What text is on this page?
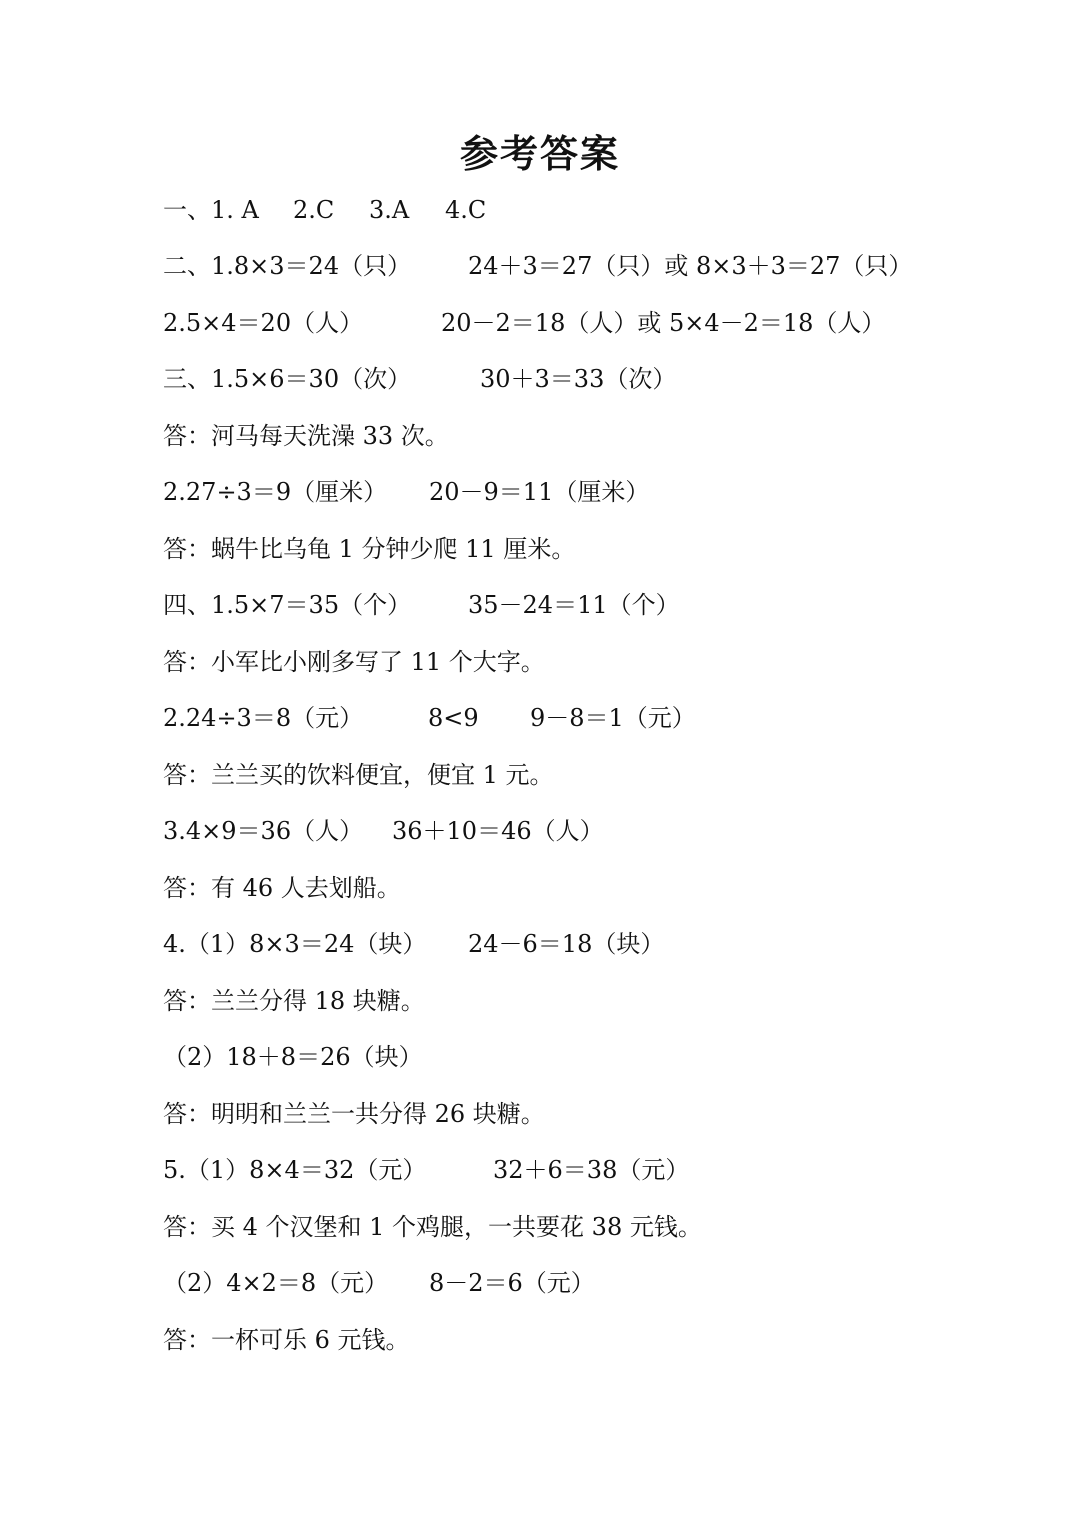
参考答案
一、1. A 2.C 3.A 4.C
二、1.8×3＝24（只） 24＋3＝27（只）或 8×3＋3＝27（只）
2.5×4＝20（人）	20－2＝18（人）或 5×4－2＝18（人）
三、1.5×6＝30（次）	30＋3＝33（次）
答：河马每天洗澡 33 次。
2.27÷3＝9（厘米） 20－9＝11（厘米）
答：蜗牛比乌龟 1 分钟少爬 11 厘米。
四、1.5×7＝35（个） 35－24＝11（个）
答：小军比小刚多写了 11 个大字。
2.24÷3＝8（元）	8<9 9－8＝1（元）
答：兰兰买的饮料便宜，便宜 1 元。
3.4×9＝36（人） 36＋10＝46（人）
答：有 46 人去划船。
4.（1）8×3＝24（块） 24－6＝18（块）
答：兰兰分得 18 块糖。
（2）18＋8＝26（块）
答：明明和兰兰一共分得 26 块糖。
5.（1）8×4＝32（元）	32＋6＝38（元）
答：买 4 个汉堡和 1 个鸡腿，一共要花 38 元钱。
（2）4×2＝8（元） 8－2＝6（元）
答：一杯可乐 6 元钱。
